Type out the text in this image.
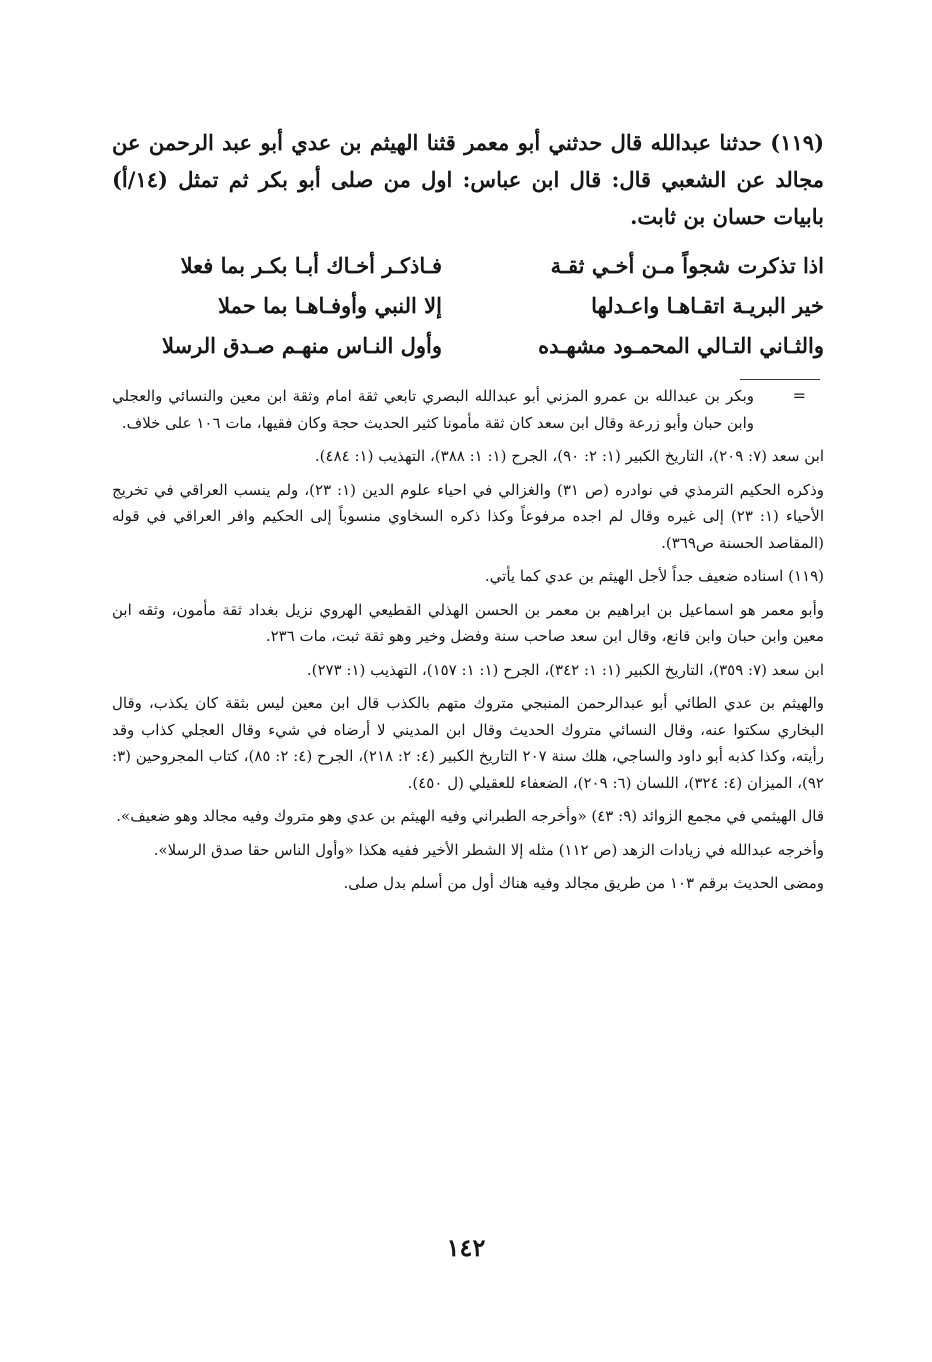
(١١٩) حدثنا عبدالله قال حدثني أبو معمر قثنا الهيثم بن عدي أبو عبد الرحمن عن مجالد عن الشعبي قال: قال ابن عباس: اول من صلى أبو بكر ثم تمثل (١٤/أ) بابيات حسان بن ثابت.

اذا تذكرت شجواً مـن أخـي ثقـة
فـاذكـر أخـاك أبـا بكـر بما فعلا
خير البريـة اتقـاهـا واعـدلها
إلا النبي وأوفـاهـا بما حملا
والثـاني التـالي المحمـود مشهـده
وأول النـاس منهـم صـدق الرسلا

=
وبكر بن عبدالله بن عمرو المزني أبو عبدالله البصري تابعي ثقة امام وثقة ابن معين والنسائي والعجلي وابن حبان وأبو زرعة وقال ابن سعد كان ثقة مأمونا كثير الحديث حجة وكان فقيها، مات ١٠٦ على خلاف.

ابن سعد (٧: ٢٠٩)، التاريخ الكبير (١: ٢: ٩٠)، الجرح (١: ١: ٣٨٨)، التهذيب (١: ٤٨٤).

وذكره الحكيم الترمذي في نوادره (ص ٣١) والغزالي في احياء علوم الدين (١: ٢٣)، ولم ينسب العراقي في تخريج الأحياء (١: ٢٣) إلى غيره وقال لم اجده مرفوعاً وكذا ذكره السخاوي منسوباً إلى الحكيم وافر العراقي في قوله (المقاصد الحسنة ص٣٦٩).

(١١٩) اسناده ضعيف جداً لأجل الهيثم بن عدي كما يأتي.

وأبو معمر هو اسماعيل بن ابراهيم بن معمر بن الحسن الهذلي القطيعي الهروي نزيل بغداد ثقة مأمون، وثقه ابن معين وابن حبان وابن قانع، وقال ابن سعد صاحب سنة وفضل وخير وهو ثقة ثبت، مات ٢٣٦.

ابن سعد (٧: ٣٥٩)، التاريخ الكبير (١: ١: ٣٤٢)، الجرح (١: ١: ١٥٧)، التهذيب (١: ٢٧٣).

والهيثم بن عدي الطائي أبو عبدالرحمن المنبجي متروك متهم بالكذب قال ابن معين ليس بثقة كان يكذب، وقال البخاري سكتوا عنه، وقال النسائي متروك الحديث وقال ابن المديني لا أرضاه في شيء وقال العجلي كذاب وقد رأيته، وكذا كذبه أبو داود والساجي، هلك سنة ٢٠٧ التاريخ الكبير (٤: ٢: ٢١٨)، الجرح (٤: ٢: ٨٥)، كتاب المجروحين (٣: ٩٢)، الميزان (٤: ٣٢٤)، اللسان (٦: ٢٠٩)، الضعفاء للعقيلي (ل ٤٥٠).

قال الهيثمي في مجمع الزوائد (٩: ٤٣) «وأخرجه الطبراني وفيه الهيثم بن عدي وهو متروك وفيه مجالد وهو ضعيف».

وأخرجه عبدالله في زيادات الزهد (ص ١١٢) مثله إلا الشطر الأخير ففيه هكذا «وأول الناس حقا صدق الرسلا».

ومضى الحديث برقم ١٠٣ من طريق مجالد وفيه هناك أول من أسلم بدل صلى.

١٤٢
